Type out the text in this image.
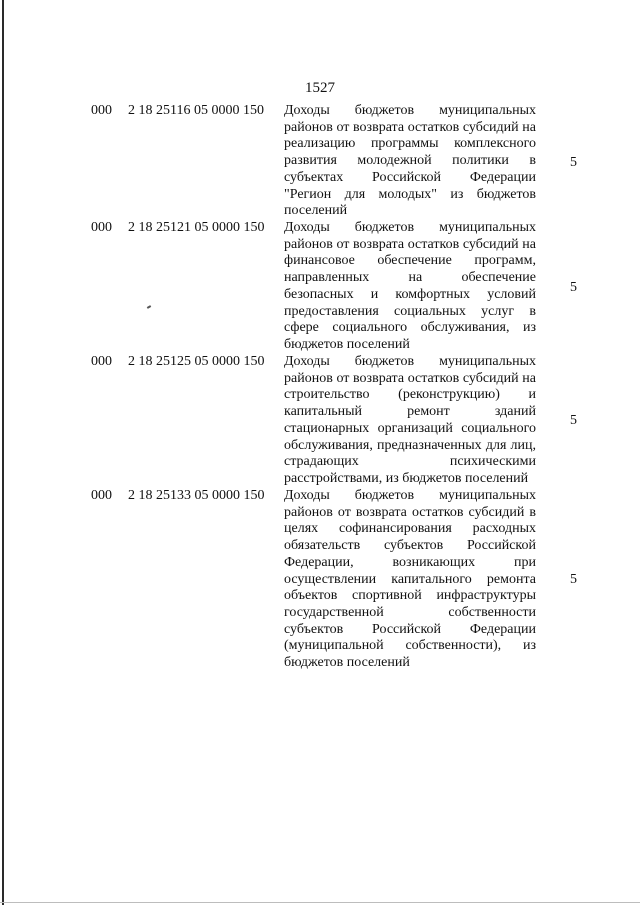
1527
000 2 18 25116 05 0000 150 Доходы бюджетов муниципальных районов от возврата остатков субсидий на реализацию программы комплексного развития молодежной политики в субъектах Российской Федерации "Регион для молодых" из бюджетов поселений
5
000 2 18 25121 05 0000 150 Доходы бюджетов муниципальных районов от возврата остатков субсидий на финансовое обеспечение программ, направленных на обеспечение безопасных и комфортных условий предоставления социальных услуг в сфере социального обслуживания, из бюджетов поселений
5
000 2 18 25125 05 0000 150 Доходы бюджетов муниципальных районов от возврата остатков субсидий на строительство (реконструкцию) и капитальный ремонт зданий стационарных организаций социального обслуживания, предназначенных для лиц, страдающих психическими расстройствами, из бюджетов поселений
5
000 2 18 25133 05 0000 150 Доходы бюджетов муниципальных районов от возврата остатков субсидий в целях софинансирования расходных обязательств субъектов Российской Федерации, возникающих при осуществлении капитального ремонта объектов спортивной инфраструктуры государственной собственности субъектов Российской Федерации (муниципальной собственности), из бюджетов поселений
5
